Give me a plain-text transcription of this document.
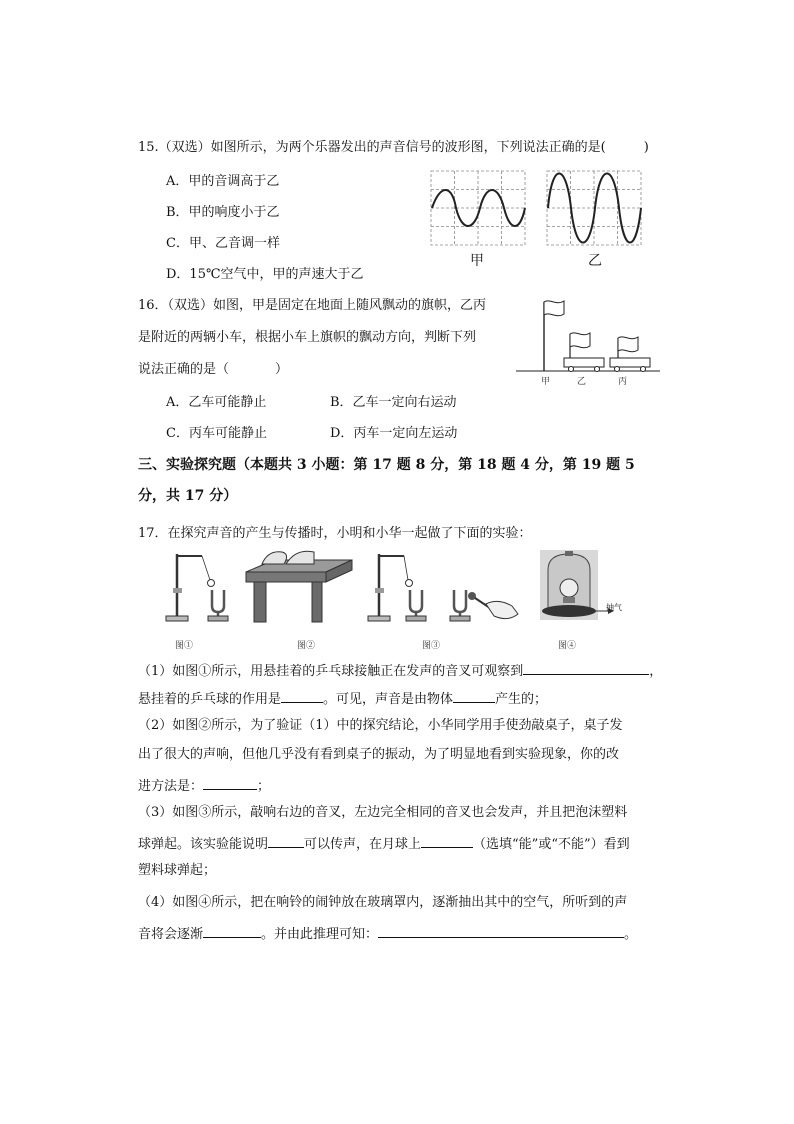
15.（双选）如图所示，为两个乐器发出的声音信号的波形图，下列说法正确的是(	)
A．甲的音调高于乙
B．甲的响度小于乙
C．甲、乙音调一样
D．15℃空气中，甲的声速大于乙
甲	乙
16．（双选）如图，甲是固定在地面上随风飘动的旗帜，乙丙
是附近的两辆小车，根据小车上旗帜的飘动方向，判断下列
说法正确的是（	）
A．乙车可能静止	B．乙车一定向右运动
C．丙车可能静止	D．丙车一定向左运动
甲	乙	丙
三、实验探究题（本题共 3 小题：第 17 题 8 分，第 18 题 4 分，第 19 题 5
分，共 17 分）
17．在探究声音的产生与传播时，小明和小华一起做了下面的实验：
抽气
图①	图②	图③	图④
（1）如图①所示，用悬挂着的乒乓球接触正在发声的音叉可观察到	，
悬挂着的乒乓球的作用是	。可见，声音是由物体	产生的；
（2）如图②所示，为了验证（1）中的探究结论，小华同学用手使劲敲桌子，桌子发
出了很大的声响，但他几乎没有看到桌子的振动，为了明显地看到实验现象，你的改
进方法是：	；
（3）如图③所示，敲响右边的音叉，左边完全相同的音叉也会发声，并且把泡沫塑料
球弹起。该实验能说明	可以传声，在月球上	（选填“能”或“不能”）看到
塑料球弹起；
（4）如图④所示，把在响铃的闹钟放在玻璃罩内，逐渐抽出其中的空气，所听到的声
音将会逐渐	。并由此推理可知：	。
